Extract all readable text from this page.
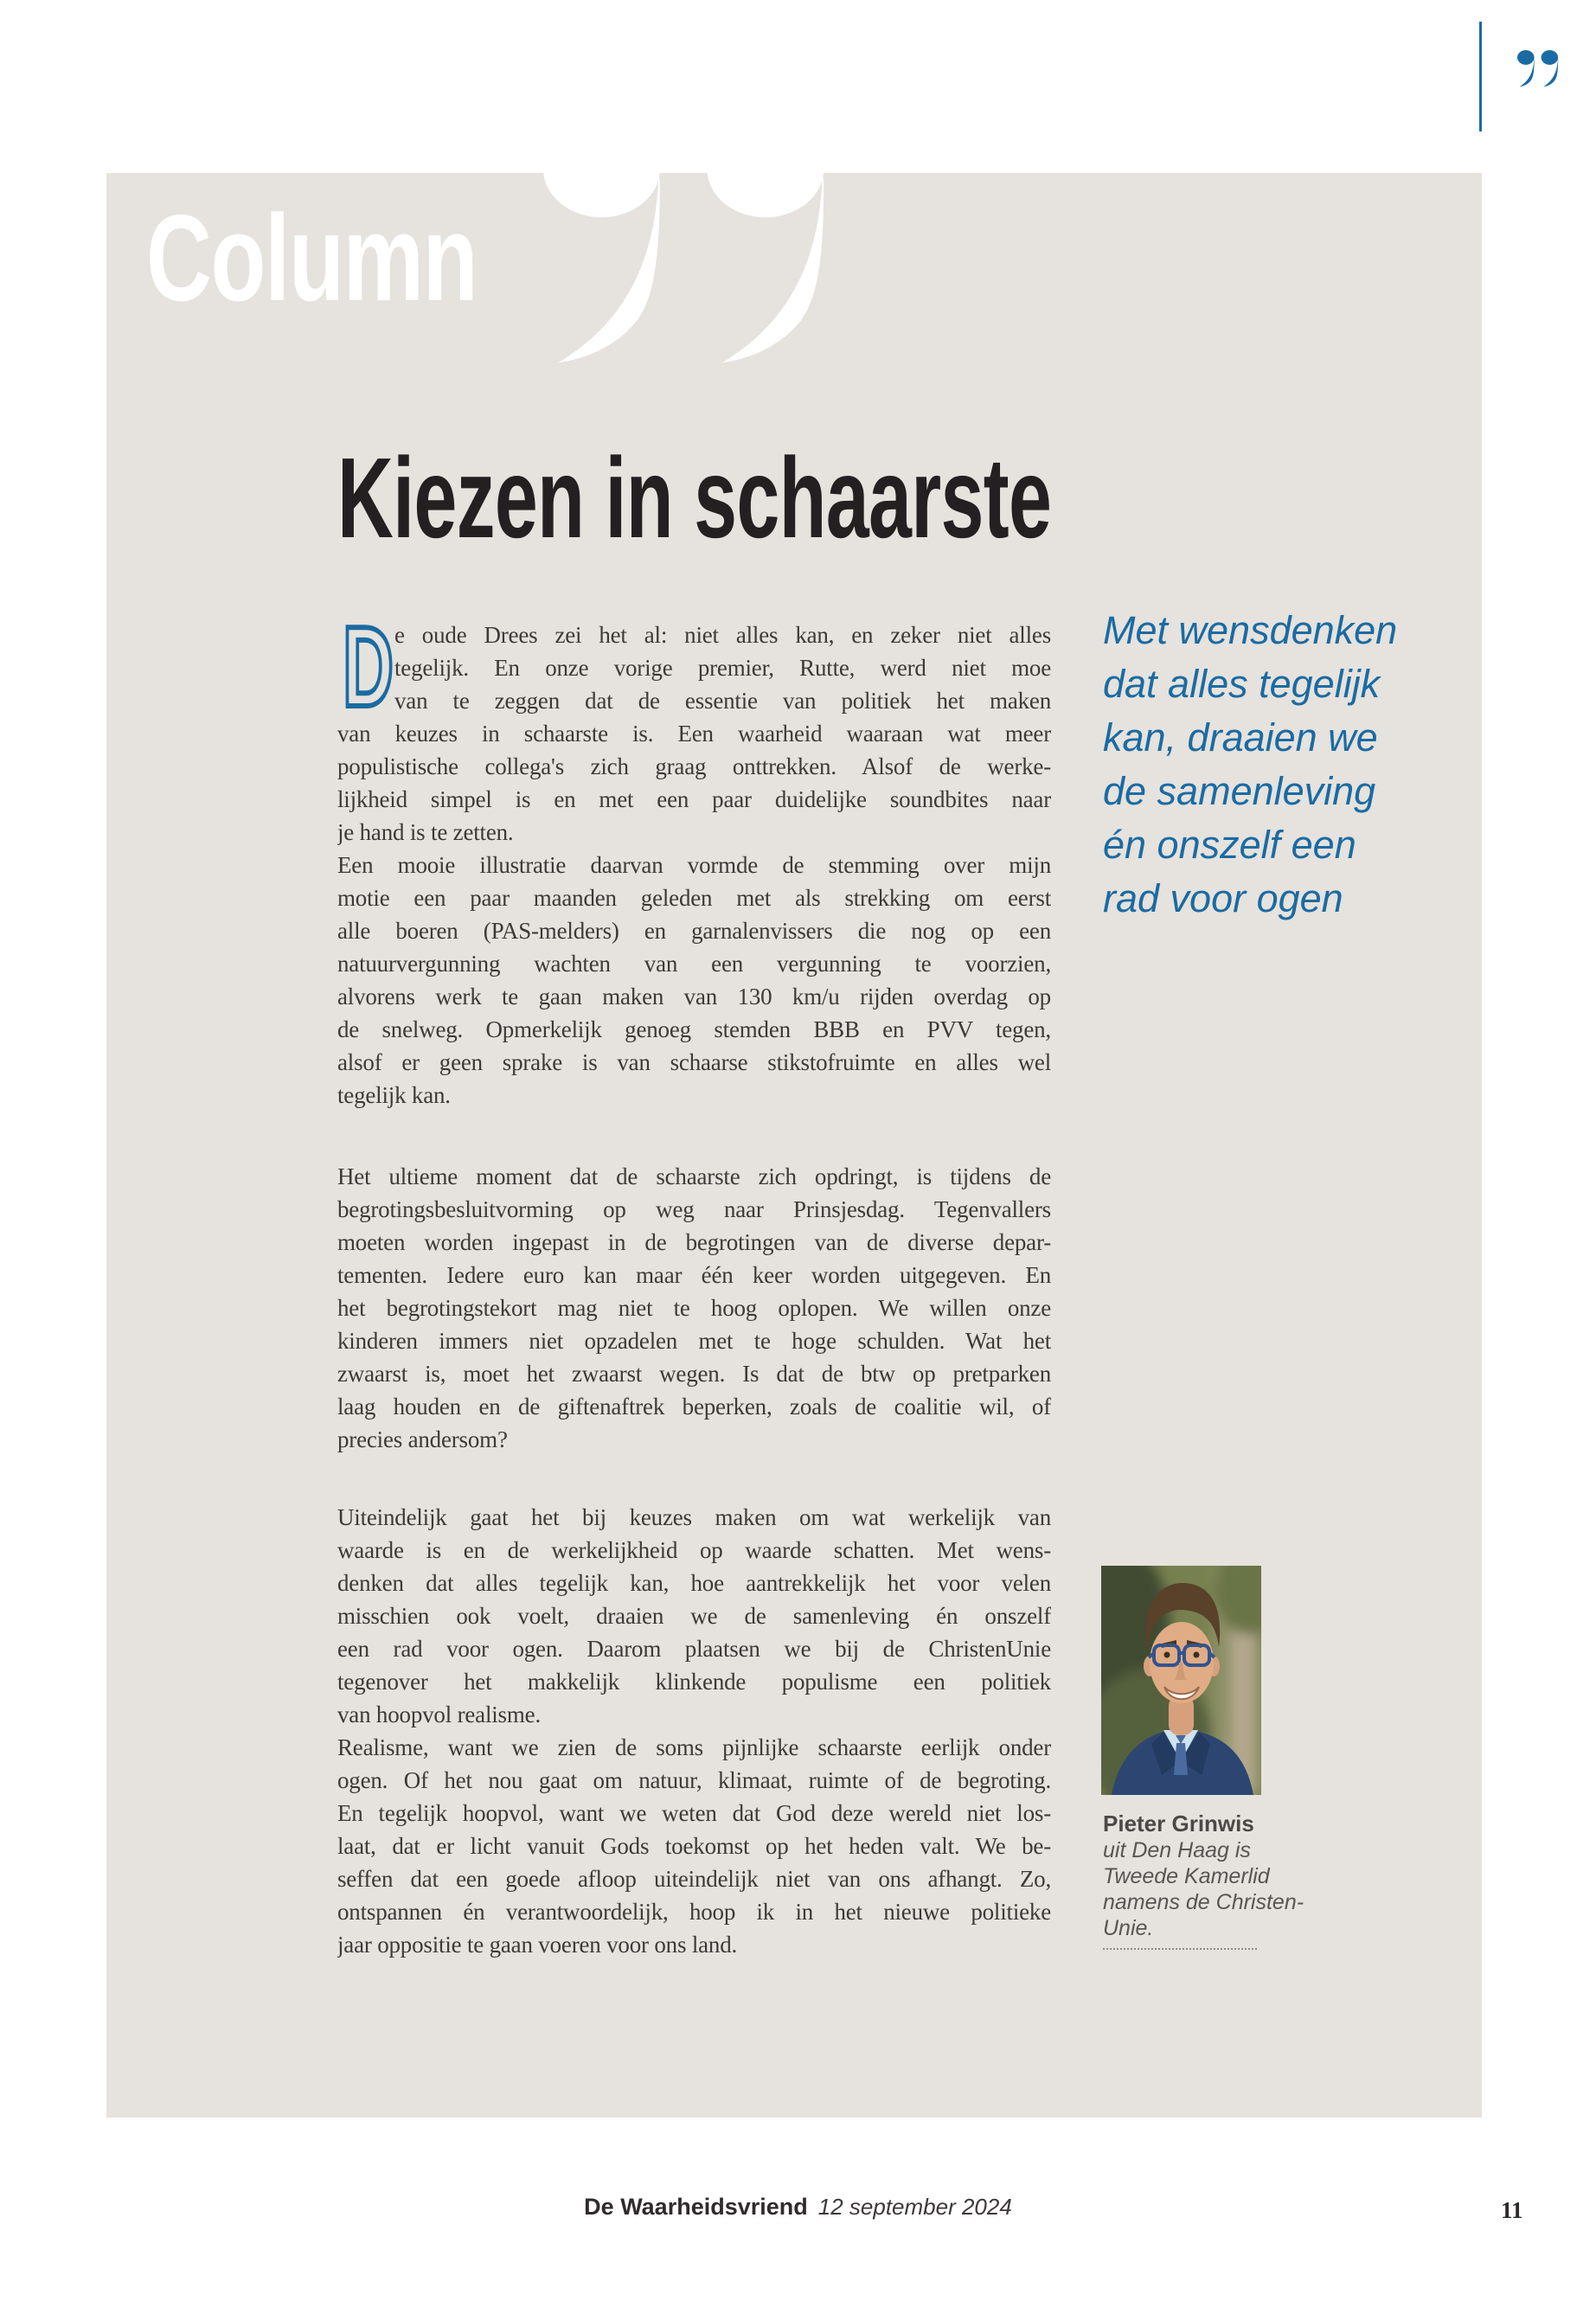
Column
Kiezen in schaarste
D e oude Drees zei het al: niet alles kan, en zeker niet alles
tegelijk. En onze vorige premier, Rutte, werd niet moe
van te zeggen dat de essentie van politiek het maken
van keuzes in schaarste is. Een waarheid waaraan wat meer
populistische collega's zich graag onttrekken. Alsof de werke-
lijkheid simpel is en met een paar duidelijke soundbites naar
je hand is te zetten.
Een mooie illustratie daarvan vormde de stemming over mijn
motie een paar maanden geleden met als strekking om eerst
alle boeren (PAS-melders) en garnalenvissers die nog op een
natuurvergunning wachten van een vergunning te voorzien,
alvorens werk te gaan maken van 130 km/u rijden overdag op
de snelweg. Opmerkelijk genoeg stemden BBB en PVV tegen,
alsof er geen sprake is van schaarse stikstofruimte en alles wel
tegelijk kan.
Het ultieme moment dat de schaarste zich opdringt, is tijdens de
begrotingsbesluitvorming op weg naar Prinsjesdag. Tegenvallers
moeten worden ingepast in de begrotingen van de diverse depar-
tementen. Iedere euro kan maar één keer worden uitgegeven. En
het begrotingstekort mag niet te hoog oplopen. We willen onze
kinderen immers niet opzadelen met te hoge schulden. Wat het
zwaarst is, moet het zwaarst wegen. Is dat de btw op pretparken
laag houden en de giftenaftrek beperken, zoals de coalitie wil, of
precies andersom?
Uiteindelijk gaat het bij keuzes maken om wat werkelijk van
waarde is en de werkelijkheid op waarde schatten. Met wens-
denken dat alles tegelijk kan, hoe aantrekkelijk het voor velen
misschien ook voelt, draaien we de samenleving én onszelf
een rad voor ogen. Daarom plaatsen we bij de ChristenUnie
tegenover het makkelijk klinkende populisme een politiek
van hoopvol realisme.
Realisme, want we zien de soms pijnlijke schaarste eerlijk onder
ogen. Of het nou gaat om natuur, klimaat, ruimte of de begroting.
En tegelijk hoopvol, want we weten dat God deze wereld niet los-
laat, dat er licht vanuit Gods toekomst op het heden valt. We be-
seffen dat een goede afloop uiteindelijk niet van ons afhangt. Zo,
ontspannen én verantwoordelijk, hoop ik in het nieuwe politieke
jaar oppositie te gaan voeren voor ons land.
Met wensdenken
dat alles tegelijk
kan, draaien we
de samenleving
én onszelf een
rad voor ogen
Pieter Grinwis
uit Den Haag is
Tweede Kamerlid
namens de Christen-
Unie.
De Waarheidsvriend 12 september 2024	11
